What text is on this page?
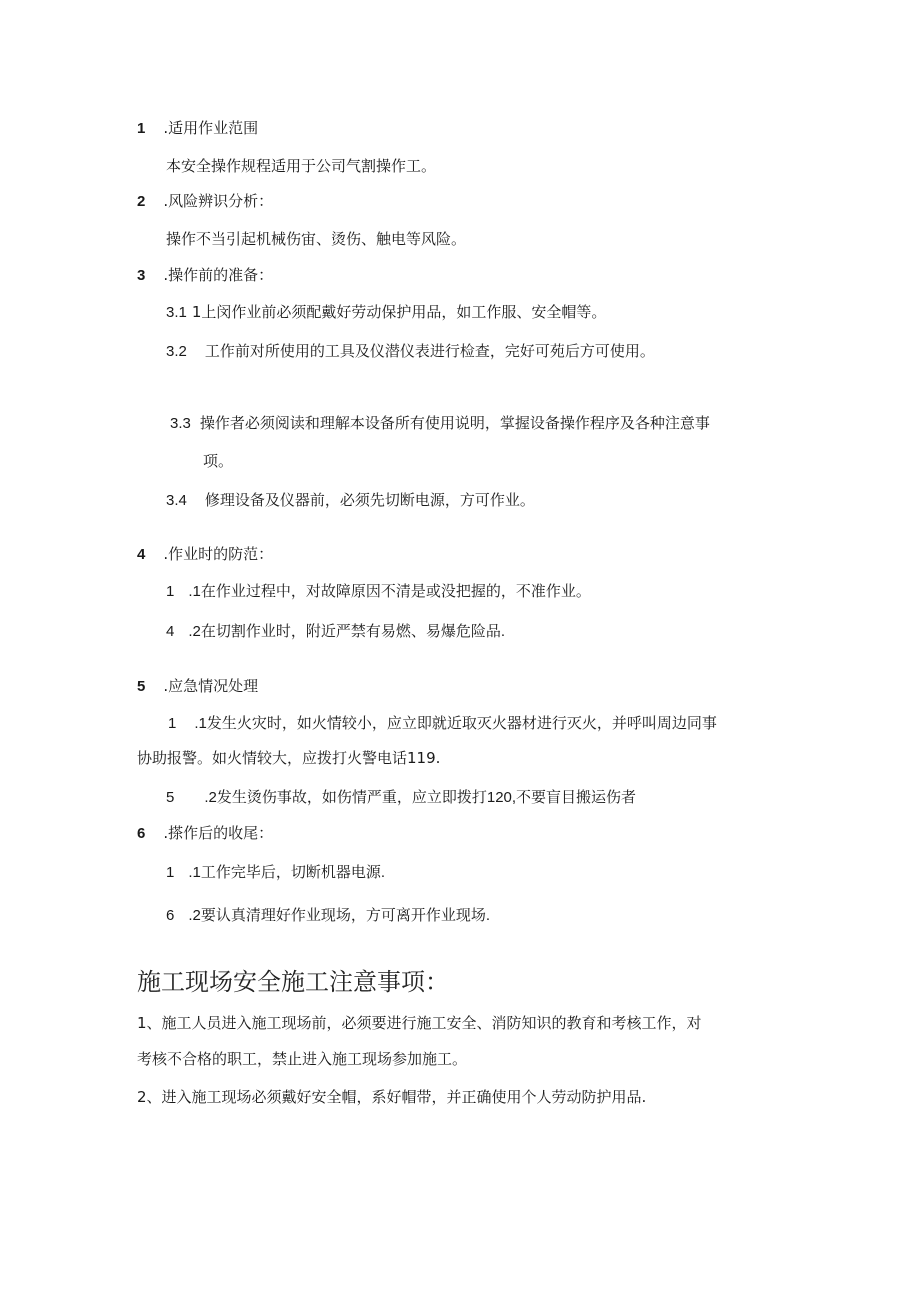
1 .适用作业范围
本安全操作规程适用于公司气割操作工。
2 .风险辨识分析：
操作不当引起机械伤宙、烫伤、触电等风险。
3 .操作前的准备：
3.1 1上闵作业前必须配戴好劳动保护用品，如工作服、安全帽等。
3.2 工作前对所使用的工具及仪潜仪表进行检查，完好可苑后方可使用。
3.3 操作者必须阅读和理解本设备所有使用说明，掌握设备操作程序及各种注意事
项。
3.4 修理设备及仪器前，必须先切断电源，方可作业。
4 .作业时的防范：
1 .1在作业过程中，对故障原因不清是或没把握的，不准作业。
4 .2在切割作业时，附近严禁有易燃、易爆危险品.
5 .应急情况处理
1 .1发生火灾时，如火情较小，应立即就近取灭火器材进行灭火，并呼叫周边同事
协助报警。如火情较大，应拨打火警电话119.
5 .2发生烫伤事故，如伤情严重，应立即拨打120,不要盲目搬运伤者
6 .搽作后的收尾：
1 .1工作完毕后，切断机器电源.
6 .2要认真清理好作业现场，方可离开作业现场.
施工现场安全施工注意事项：
1、施工人员进入施工现场前，必须要进行施工安全、消防知识的教育和考核工作，对
考核不合格的职工，禁止进入施工现场参加施工。
2、进入施工现场必须戴好安全帽，系好帽带，并正确使用个人劳动防护用品.
